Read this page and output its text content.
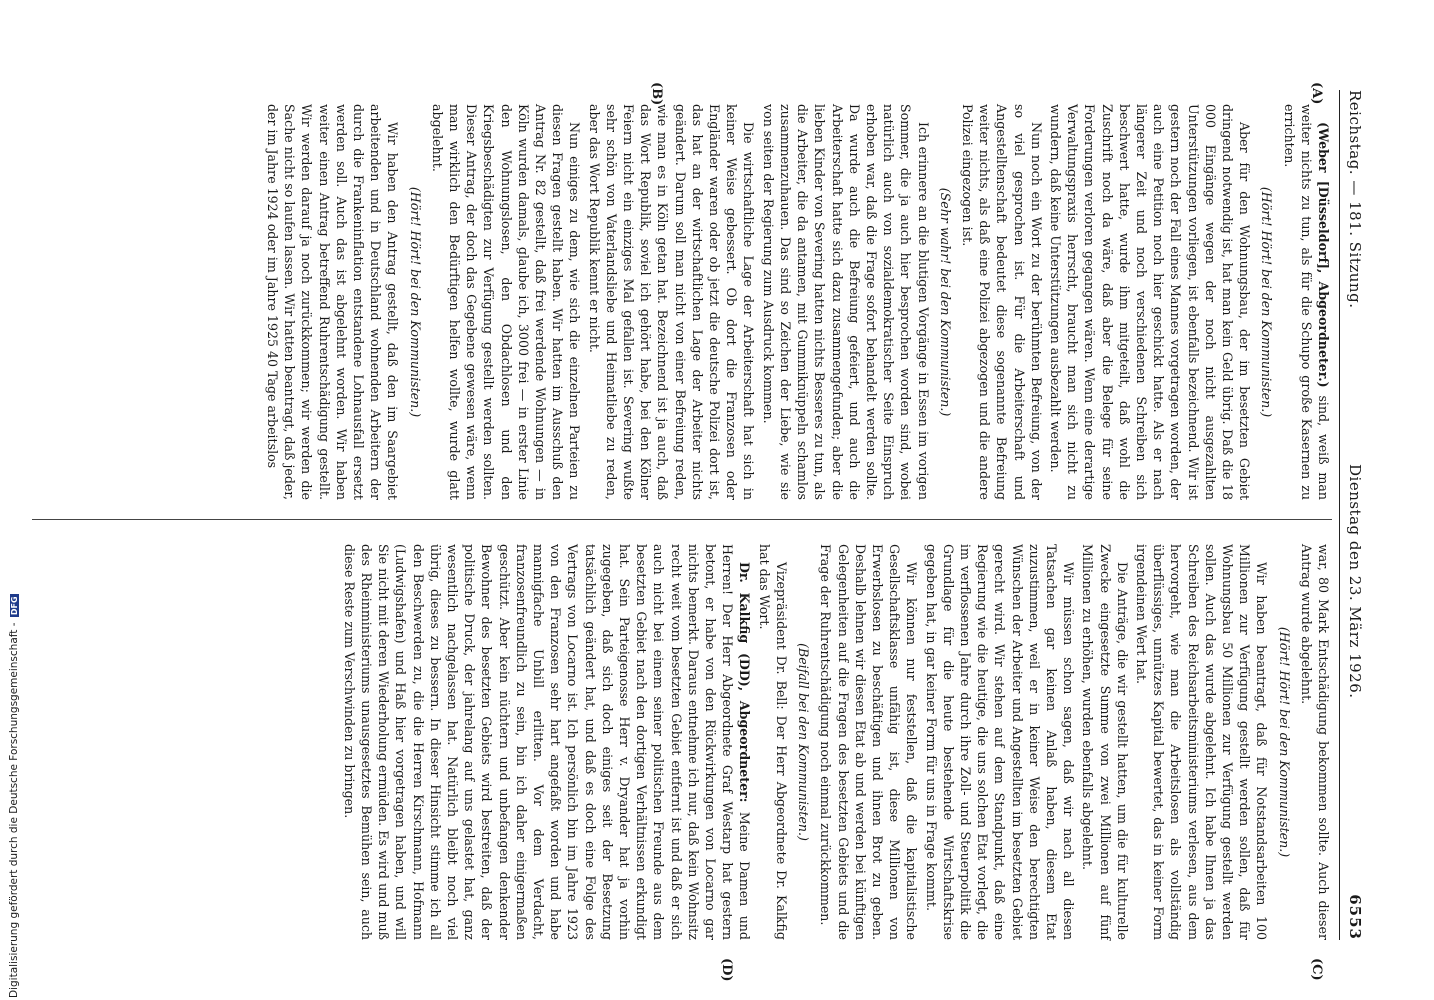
Reichstag. — 181. Sitzung.
Dienstag den 23. März 1926.
6553
(A)
(B)
(C)
(D)

(Weber [Düsseldorf], Abgeordneter.) sind, weiß man weiter nichts zu tun, als für die Schupo große Kasernen zu errichten.

(Hört! Hört! bei den Kommunisten.)

Aber für den Wohnungsbau, der im besetzten Gebiet dringend notwendig ist, hat man kein Geld übrig. Daß die 18 000 Eingänge wegen der noch nicht ausgezahlten Unterstützungen vorliegen, ist ebenfalls bezeichnend. Wir ist gestern noch der Fall eines Mannes vorgetragen worden, der auch eine Petition noch hier geschickt hatte. Als er nach längerer Zeit und noch verschiedenen Schreiben sich beschwert hatte, wurde ihm mitgeteilt, daß wohl die Zuschrift noch da wäre, daß aber die Belege für seine Forderungen verloren gegangen wären. Wenn eine derartige Verwaltungspraxis herrscht, braucht man sich nicht zu wundern, daß keine Unterstützungen ausbezahlt werden.

Nun noch ein Wort zu der berühmten Befreiung, von der so viel gesprochen ist. Für die Arbeiterschaft und Angestelltenschaft bedeutet diese sogenannte Befreiung weiter nichts, als daß eine Polizei abgezogen und die andere Polizei eingezogen ist.

(Sehr wahr! bei den Kommunisten.)

Ich erinnere an die blutigen Vorgänge in Essen im vorigen Sommer, die ja auch hier besprochen worden sind, wobei natürlich auch von sozialdemokratischer Seite Einspruch erhoben war, daß die Frage sofort behandelt werden sollte. Da wurde auch die Befreiung gefeiert, und auch die Arbeiterschaft hatte sich dazu zusammengefunden; aber die lieben Kinder von Severing hatten nichts Besseres zu tun, als die Arbeiter, die da antamen, mit Gummiknüppeln schamlos zusammenzuhauen. Das sind so Zeichen der Liebe, wie sie von seiten der Regierung zum Ausdruck kommen.

Die wirtschaftliche Lage der Arbeiterschaft hat sich in keiner Weise gebessert. Ob dort die Franzosen oder Engländer waren oder ob jetzt die deutsche Polizei dort ist, das hat an der wirtschaftlichen Lage der Arbeiter nichts geändert. Darum soll man nicht von einer Befreiung reden, wie man es in Köln getan hat. Bezeichnend ist ja auch, daß das Wort Republik, soviel ich gehört habe, bei den Kölner Feiern nicht ein einziges Mal gefallen ist. Severing wußte sehr schön von Vaterlandsliebe und Heimatliebe zu reden, aber das Wort Republik kennt er nicht.

Nun einiges zu dem, wie sich die einzelnen Parteien zu diesen Fragen gestellt haben. Wir hatten im Ausschuß den Antrag Nr. 82 gestellt, daß frei werdende Wohnungen — in Köln wurden damals, glaube ich, 3000 frei — in erster Linie den Wohnungslosen, den Obdachlosen und den Kriegsbeschädigten zur Verfügung gestellt werden sollten. Dieser Antrag, der doch das Gegebene gewesen wäre, wenn man wirklich den Bedürftigen helfen wollte, wurde glatt abgelehnt.

(Hört! Hört! bei den Kommunisten.)

Wir haben den Antrag gestellt, daß den im Saargebiet arbeitenden und in Deutschland wohnenden Arbeitern der durch die Frankeninflation entstandene Lohnausfall ersetzt werden soll. Auch das ist abgelehnt worden. Wir haben weiter einen Antrag betreffend Ruhrentschädigung gestellt. Wir werden darauf ja noch zurückkommen; wir werden die Sache nicht so laufen lassen. Wir hatten beantragt, daß jeder, der im Jahre 1924 oder im Jahre 1925 40 Tage arbeitslos

war, 80 Mark Entschädigung bekommen sollte. Auch dieser Antrag wurde abgelehnt.

(Hört! Hört! bei den Kommunisten.)

Wir haben beantragt, daß für Notstandsarbeiten 100 Millionen zur Verfügung gestellt werden sollen, daß für Wohnungsbau 50 Millionen zur Verfügung gestellt werden sollen. Auch das wurde abgelehnt. Ich habe Ihnen ja das Schreiben des Reichsarbeitsministeriums verlesen, aus dem hervorgeht, wie man die Arbeitslosen als vollständig überflüssiges, unnützes Kapital bewertet, das in keiner Form irgendeinen Wert hat.

Die Anträge, die wir gestellt hatten, um die für kulturelle Zwecke eingesetzte Summe von zwei Millionen auf fünf Millionen zu erhöhen, wurden ebenfalls abgelehnt.

Wir müssen schon sagen, daß wir nach all diesen Tatsachen gar keinen Anlaß haben, diesem Etat zuzustimmen, weil er in keiner Weise den berechtigten Wünschen der Arbeiter und Angestellten im besetzten Gebiet gerecht wird. Wir stehen auf dem Standpunkt, daß eine Regierung wie die heutige, die uns solchen Etat vorlegt, die im verflossenen Jahre durch ihre Zoll- und Steuerpolitik die Grundlage für die heute bestehende Wirtschaftskrise gegeben hat, in gar keiner Form für uns in Frage kommt.

Wir können nur feststellen, daß die kapitalistische Gesellschaftsklasse unfähig ist, diese Millionen von Erwerbslosen zu beschäftigen und ihnen Brot zu geben. Deshalb lehnen wir diesen Etat ab und werden bei künftigen Gelegenheiten auf die Fragen des besetzten Gebiets und die Frage der Ruhrentschädigung noch einmal zurückkommen.

(Beifall bei den Kommunisten.)

Vizepräsident Dr. Bell: Der Herr Abgeordnete Dr. Kalkfig hat das Wort.

Dr. Kalkfig (DD), Abgeordneter: Meine Damen und Herren! Der Herr Abgeordnete Graf Westarp hat gestern betont, er habe von den Rückwirkungen von Locarno gar nichts bemerkt. Daraus entnehme ich nur, daß kein Wohnsitz recht weit vom besetzten Gebiet entfernt ist und daß er sich auch nicht bei einem seiner politischen Freunde aus dem besetzten Gebiet nach den dortigen Verhältnissen erkundigt hat. Sein Parteigenosse Herr v. Dryander hat ja vorhin zugegeben, daß sich doch einiges seit der Besetzung tatsächlich geändert hat, und daß es doch eine Folge des Vertrags von Locarno ist. Ich persönlich bin im Jahre 1923 von den Franzosen sehr hart angefaßt worden und habe mannigfache Unbill erlitten. Vor dem Verdacht, franzosenfreundlich zu sein, bin ich daher einigermaßen geschützt. Aber kein nüchtern und unbefangen denkender Bewohner des besetzten Gebiets wird bestreiten, daß der politische Druck, der jahrelang auf uns gelastet hat, ganz wesentlich nachgelassen hat. Natürlich bleibt noch viel übrig, dieses zu bessern. In dieser Hinsicht stimme ich all den Beschwerden zu, die die Herren Kirschmann, Hofmann (Ludwigshafen) und Haß hier vorgetragen haben, und will Sie nicht mit deren Wiederholung ermüden. Es wird und muß des Rheinministeriums unausgesetztes Bemühen sein, auch diese Reste zum Verschwinden zu bringen.

Digitalisierung gefördert durch die Deutsche Forschungsgemeinschaft - DFG
